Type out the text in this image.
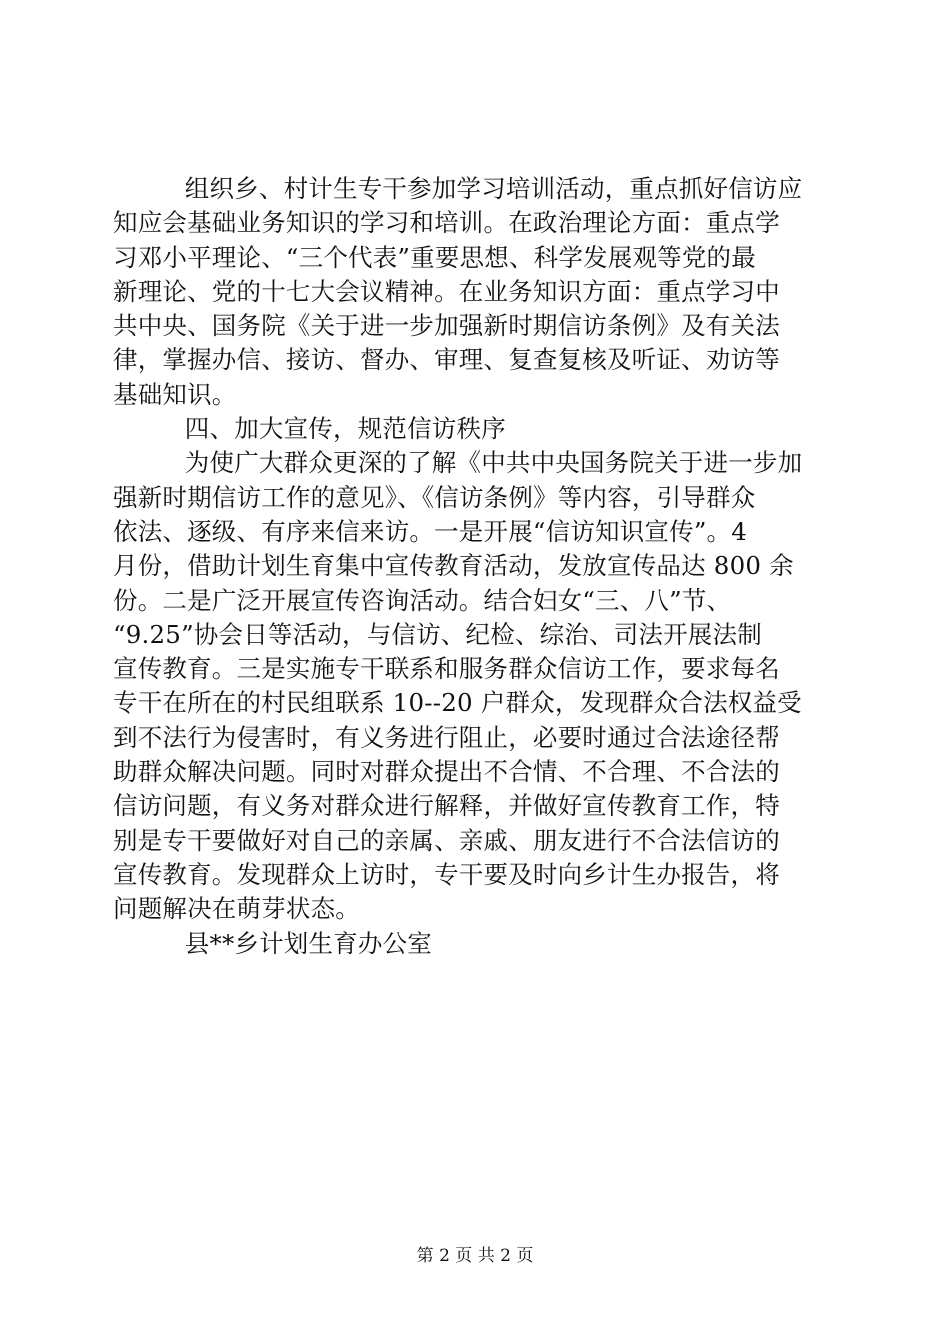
组织乡、村计生专干参加学习培训活动，重点抓好信访应
知应会基础业务知识的学习和培训。在政治理论方面：重点学
习邓小平理论、“三个代表”重要思想、科学发展观等党的最
新理论、党的十七大会议精神。在业务知识方面：重点学习中
共中央、国务院《关于进一步加强新时期信访条例》及有关法
律，掌握办信、接访、督办、审理、复查复核及听证、劝访等
基础知识。
四、加大宣传，规范信访秩序
为使广大群众更深的了解《中共中央国务院关于进一步加
强新时期信访工作的意见》、《信访条例》等内容，引导群众
依法、逐级、有序来信来访。一是开展“信访知识宣传”。4
月份，借助计划生育集中宣传教育活动，发放宣传品达 800 余
份。二是广泛开展宣传咨询活动。结合妇女“三、八”节、
“9.25”协会日等活动，与信访、纪检、综治、司法开展法制
宣传教育。三是实施专干联系和服务群众信访工作，要求每名
专干在所在的村民组联系 10--20 户群众，发现群众合法权益受
到不法行为侵害时，有义务进行阻止，必要时通过合法途径帮
助群众解决问题。同时对群众提出不合情、不合理、不合法的
信访问题，有义务对群众进行解释，并做好宣传教育工作，特
别是专干要做好对自己的亲属、亲戚、朋友进行不合法信访的
宣传教育。发现群众上访时，专干要及时向乡计生办报告，将
问题解决在萌芽状态。
县**乡计划生育办公室
第 2 页 共 2 页
